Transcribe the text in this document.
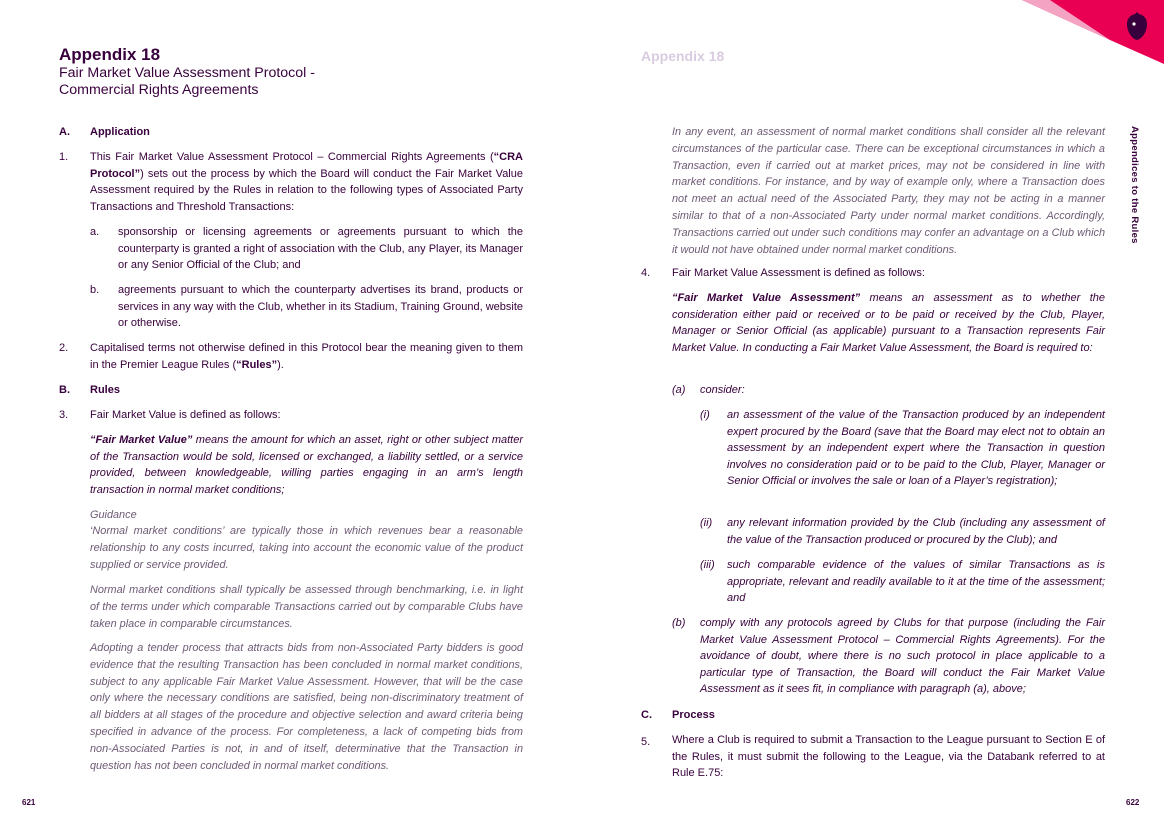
Appendix 18
Fair Market Value Assessment Protocol -
Commercial Rights Agreements
A. Application
1. This Fair Market Value Assessment Protocol – Commercial Rights Agreements (“CRA Protocol”) sets out the process by which the Board will conduct the Fair Market Value Assessment required by the Rules in relation to the following types of Associated Party Transactions and Threshold Transactions:
a. sponsorship or licensing agreements or agreements pursuant to which the counterparty is granted a right of association with the Club, any Player, its Manager or any Senior Official of the Club; and
b. agreements pursuant to which the counterparty advertises its brand, products or services in any way with the Club, whether in its Stadium, Training Ground, website or otherwise.
2. Capitalised terms not otherwise defined in this Protocol bear the meaning given to them in the Premier League Rules (“Rules”).
B. Rules
3. Fair Market Value is defined as follows:
“Fair Market Value” means the amount for which an asset, right or other subject matter of the Transaction would be sold, licensed or exchanged, a liability settled, or a service provided, between knowledgeable, willing parties engaging in an arm’s length transaction in normal market conditions;
Guidance
‘Normal market conditions’ are typically those in which revenues bear a reasonable relationship to any costs incurred, taking into account the economic value of the product supplied or service provided.
Normal market conditions shall typically be assessed through benchmarking, i.e. in light of the terms under which comparable Transactions carried out by comparable Clubs have taken place in comparable circumstances.
Adopting a tender process that attracts bids from non-Associated Party bidders is good evidence that the resulting Transaction has been concluded in normal market conditions, subject to any applicable Fair Market Value Assessment. However, that will be the case only where the necessary conditions are satisfied, being non-discriminatory treatment of all bidders at all stages of the procedure and objective selection and award criteria being specified in advance of the process. For completeness, a lack of competing bids from non-Associated Parties is not, in and of itself, determinative that the Transaction in question has not been concluded in normal market conditions.
621
Appendix 18
In any event, an assessment of normal market conditions shall consider all the relevant circumstances of the particular case. There can be exceptional circumstances in which a Transaction, even if carried out at market prices, may not be considered in line with market conditions. For instance, and by way of example only, where a Transaction does not meet an actual need of the Associated Party, they may not be acting in a manner similar to that of a non-Associated Party under normal market conditions. Accordingly, Transactions carried out under such conditions may confer an advantage on a Club which it would not have obtained under normal market conditions.
4. Fair Market Value Assessment is defined as follows:
“Fair Market Value Assessment” means an assessment as to whether the consideration either paid or received or to be paid or received by the Club, Player, Manager or Senior Official (as applicable) pursuant to a Transaction represents Fair Market Value. In conducting a Fair Market Value Assessment, the Board is required to:
(a) consider:
(i) an assessment of the value of the Transaction produced by an independent expert procured by the Board (save that the Board may elect not to obtain an assessment by an independent expert where the Transaction in question involves no consideration paid or to be paid to the Club, Player, Manager or Senior Official or involves the sale or loan of a Player’s registration);
(ii) any relevant information provided by the Club (including any assessment of the value of the Transaction produced or procured by the Club); and
(iii) such comparable evidence of the values of similar Transactions as is appropriate, relevant and readily available to it at the time of the assessment; and
(b) comply with any protocols agreed by Clubs for that purpose (including the Fair Market Value Assessment Protocol – Commercial Rights Agreements). For the avoidance of doubt, where there is no such protocol in place applicable to a particular type of Transaction, the Board will conduct the Fair Market Value Assessment as it sees fit, in compliance with paragraph (a), above;
C. Process
5. Where a Club is required to submit a Transaction to the League pursuant to Section E of the Rules, it must submit the following to the League, via the Databank referred to at Rule E.75:
Appendices to the Rules
622
